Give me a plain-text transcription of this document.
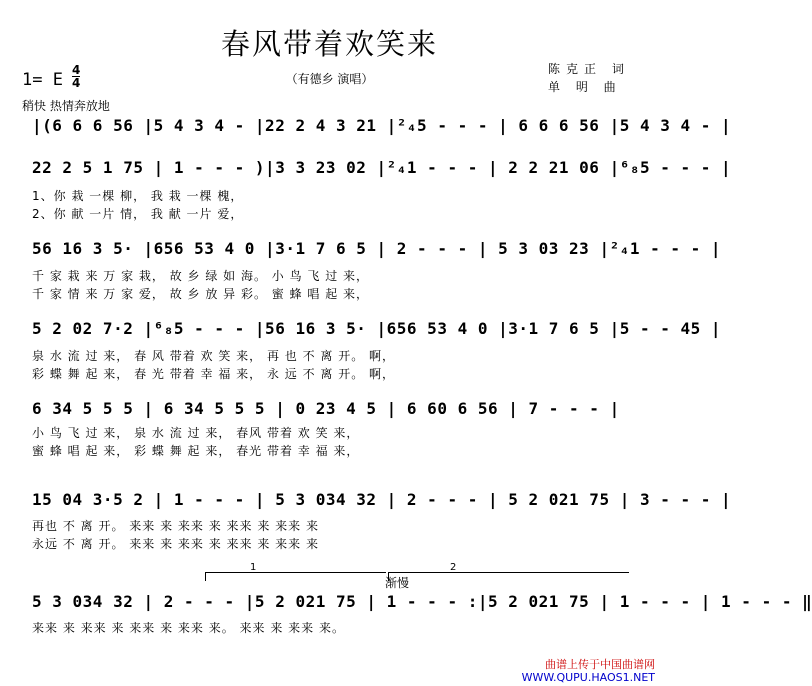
春风带着欢笑来
（有德乡 演唱）
陈克正 词
单 明 曲
1= E $\frac{4}{4}$
稍快 热情奔放地
|(6 6 6 56 |5 4 3 4 - |22 2 4 3 21 |²₄5 - - - | 6 6 6 56 |5 4 3 4 - |
22 2 5 1 75 | 1 - - - )|3 3 23 02 |²₄1 - - - | 2 2 21 06 |⁶₈5 - - - |
1、你 栽 一棵 柳， 我 栽 一棵 槐，
2、你 献 一片 情， 我 献 一片 爱，
56 16 3 5· |656 53 4 0 |3·1 7 6 5 | 2 - - - | 5 3 03 23 |²₄1 - - - |
千 家 栽 来 万 家 栽， 故 乡 绿 如 海。 小 鸟 飞 过 来，
千 家 情 来 万 家 爱， 故 乡 放 异 彩。 蜜 蜂 唱 起 来，
5 2 02 7·2 |⁶₈5 - - - |56 16 3 5· |656 53 4 0 |3·1 7 6 5 |5 - - 45 |
泉 水 流 过 来， 春 风 带着 欢 笑 来， 再 也 不 离 开。 啊，
彩 蝶 舞 起 来， 春 光 带着 幸 福 来， 永 远 不 离 开。 啊，
6 34 5 5 5 | 6 34 5 5 5 | 0 23 4 5 | 6 60 6 56 | 7 - - - |
小 鸟 飞 过 来， 泉 水 流 过 来， 春风 带着 欢 笑 来，
蜜 蜂 唱 起 来， 彩 蝶 舞 起 来， 春光 带着 幸 福 来，
15 04 3·5 2 | 1 - - - | 5 3 034 32 | 2 - - - | 5 2 021 75 | 3 - - - |
再也 不 离 开。 来来 来 来来 来 来来 来 来来 来
永远 不 离 开。 来来 来 来来 来 来来 来 来来 来
1	2
渐慢
5 3 034 32 | 2 - - - |5 2 021 75 | 1 - - - :|5 2 021 75 | 1 - - - | 1 - - - ‖
来来 来 来来 来 来来 来 来来 来。 来来 来 来来 来。
曲谱上传于中国曲谱网
WWW.QUPU.HAOS1.NET
